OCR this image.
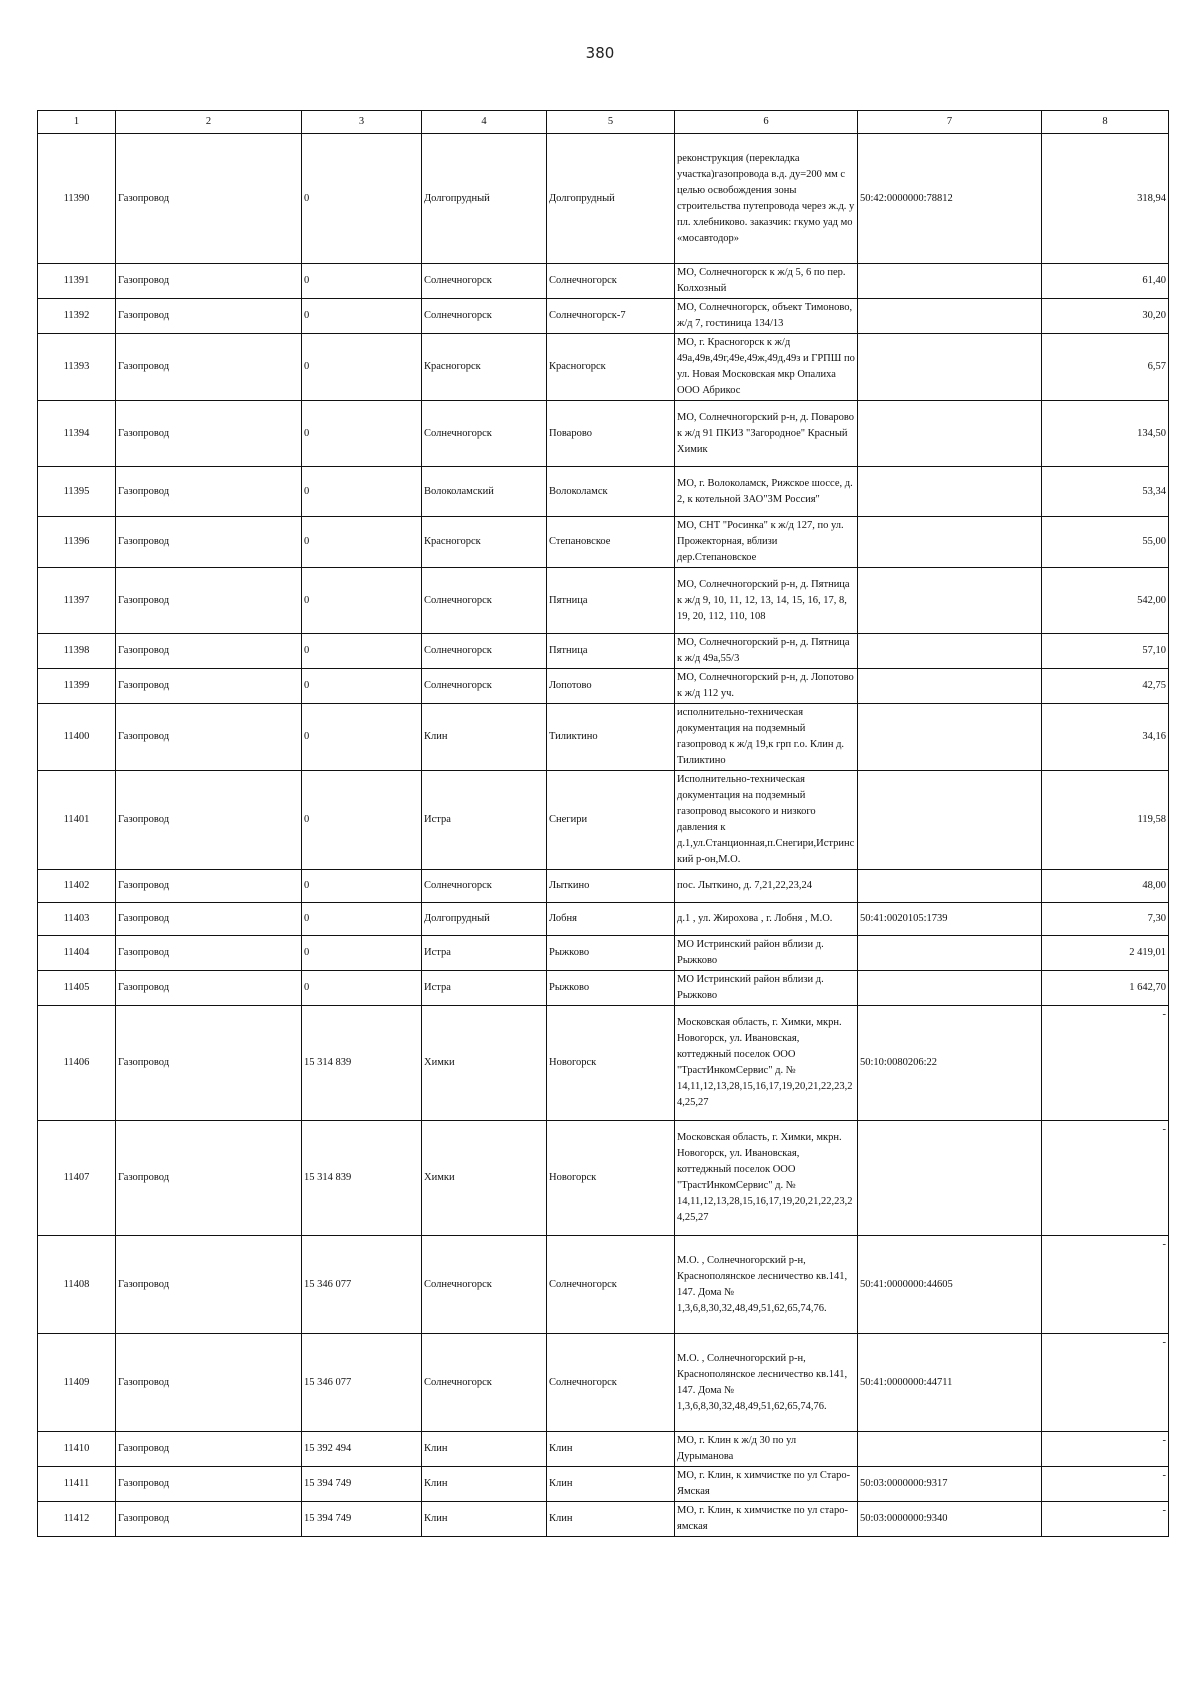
380
1	2	3	4	5	6	7	8
11390	Газопровод	0	Долгопрудный	Долгопрудный	реконструкция (перекладка участка)газопровода в.д. ду=200 мм с целью освобождения зоны строительства путепровода через ж.д. у пл. хлебниково. заказчик: гкумо уад мо «мосавтодор»	50:42:0000000:78812	318,94
11391	Газопровод	0	Солнечногорск	Солнечногорск	МО, Солнечногорск к ж/д 5, 6 по пер. Колхозный		61,40
11392	Газопровод	0	Солнечногорск	Солнечногорск-7	МО, Солнечногорск, объект Тимоново, ж/д 7, гостиница 134/13		30,20
11393	Газопровод	0	Красногорск	Красногорск	МО, г. Красногорск к ж/д 49а,49в,49г,49е,49ж,49д,49з и ГРПШ по ул. Новая Московская мкр Опалиха ООО Абрикос		6,57
11394	Газопровод	0	Солнечногорск	Поварово	МО, Солнечногорский р-н, д. Поварово к ж/д 91 ПКИЗ "Загородное" Красный Химик		134,50
11395	Газопровод	0	Волоколамский	Волоколамск	МО, г. Волоколамск, Рижское шоссе, д. 2, к котельной ЗАО"3М Россия"		53,34
11396	Газопровод	0	Красногорск	Степановское	МО, СНТ "Росинка" к ж/д 127, по ул. Прожекторная, вблизи дер.Степановское		55,00
11397	Газопровод	0	Солнечногорск	Пятница	МО, Солнечногорский р-н, д. Пятница к ж/д 9, 10, 11, 12, 13, 14, 15, 16, 17, 8, 19, 20, 112, 110, 108		542,00
11398	Газопровод	0	Солнечногорск	Пятница	МО, Солнечногорский р-н, д. Пятница к ж/д 49а,55/3		57,10
11399	Газопровод	0	Солнечногорск	Лопотово	МО, Солнечногорский р-н, д. Лопотово к ж/д 112 уч.		42,75
11400	Газопровод	0	Клин	Тиликтино	исполнительно-техническая документация на подземный газопровод к ж/д 19,к грп г.о. Клин д. Тиликтино		34,16
11401	Газопровод	0	Истра	Снегири	Исполнительно-техническая документация на подземный газопровод высокого и низкого давления к д.1,ул.Станционная,п.Снегири,Истринский р-он,М.О.		119,58
11402	Газопровод	0	Солнечногорск	Лыткино	пос. Лыткино, д. 7,21,22,23,24		48,00
11403	Газопровод	0	Долгопрудный	Лобня	д.1 , ул. Жирохова , г. Лобня , М.О.	50:41:0020105:1739	7,30
11404	Газопровод	0	Истра	Рыжково	МО Истринский район вблизи д. Рыжково		2 419,01
11405	Газопровод	0	Истра	Рыжково	МО Истринский район вблизи д. Рыжково		1 642,70
11406	Газопровод	15 314 839	Химки	Новогорск	Московская область, г. Химки, мкрн. Новогорск, ул. Ивановская, коттеджный поселок ООО "ТрастИнкомСервис" д. № 14,11,12,13,28,15,16,17,19,20,21,22,23,24,25,27	50:10:0080206:22	-
11407	Газопровод	15 314 839	Химки	Новогорск	Московская область, г. Химки, мкрн. Новогорск, ул. Ивановская, коттеджный поселок ООО "ТрастИнкомСервис" д. № 14,11,12,13,28,15,16,17,19,20,21,22,23,24,25,27		-
11408	Газопровод	15 346 077	Солнечногорск	Солнечногорск	М.О. , Солнечногорский р-н, Краснополянское лесничество кв.141, 147. Дома № 1,3,6,8,30,32,48,49,51,62,65,74,76.	50:41:0000000:44605	-
11409	Газопровод	15 346 077	Солнечногорск	Солнечногорск	М.О. , Солнечногорский р-н, Краснополянское лесничество кв.141, 147. Дома № 1,3,6,8,30,32,48,49,51,62,65,74,76.	50:41:0000000:44711	-
11410	Газопровод	15 392 494	Клин	Клин	МО, г. Клин к ж/д 30 по ул Дурыманова		-
11411	Газопровод	15 394 749	Клин	Клин	МО, г. Клин, к химчистке по ул Старо- Ямская	50:03:0000000:9317	-
11412	Газопровод	15 394 749	Клин	Клин	МО, г. Клин, к химчистке по ул старо- ямская	50:03:0000000:9340	-
